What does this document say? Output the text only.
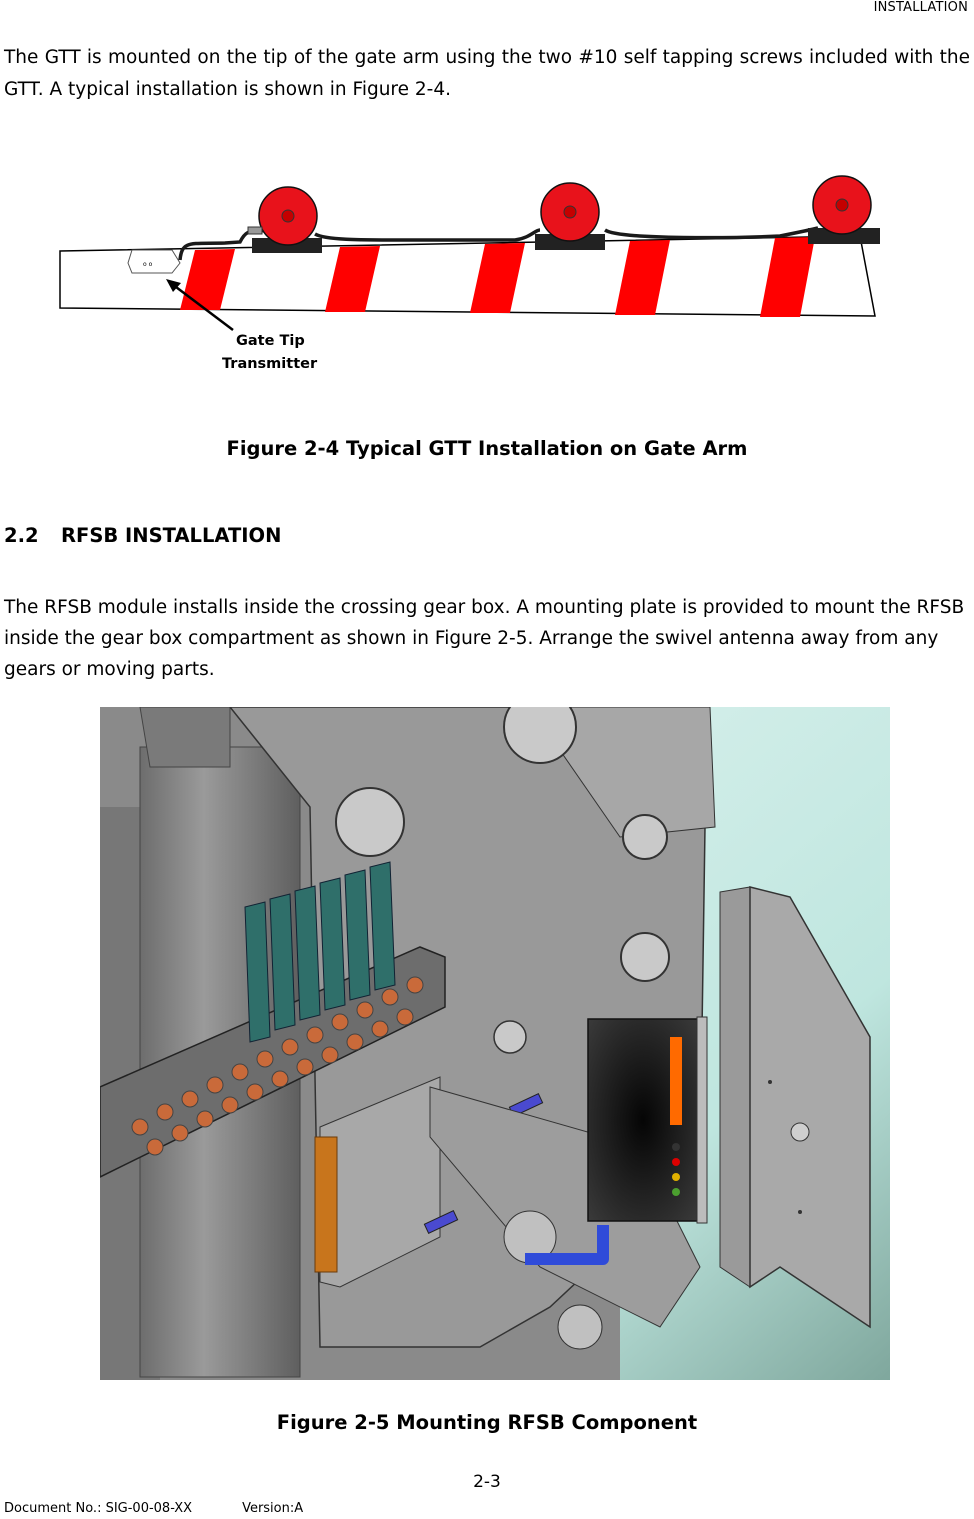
INSTALLATION
The GTT is mounted on the tip of the gate arm using the two #10 self tapping screws included with the GTT. A typical installation is shown in Figure 2-4.
o o
Gate Tip
Transmitter
Figure 2-4 Typical GTT Installation on Gate Arm
2.2 RFSB INSTALLATION
The RFSB module installs inside the crossing gear box. A mounting plate is provided to mount the RFSB inside the gear box compartment as shown in Figure 2-5. Arrange the swivel antenna away from any gears or moving parts.
Figure 2-5 Mounting RFSB Component
2-3
Document No.: SIG-00-08-XX	Version:A
